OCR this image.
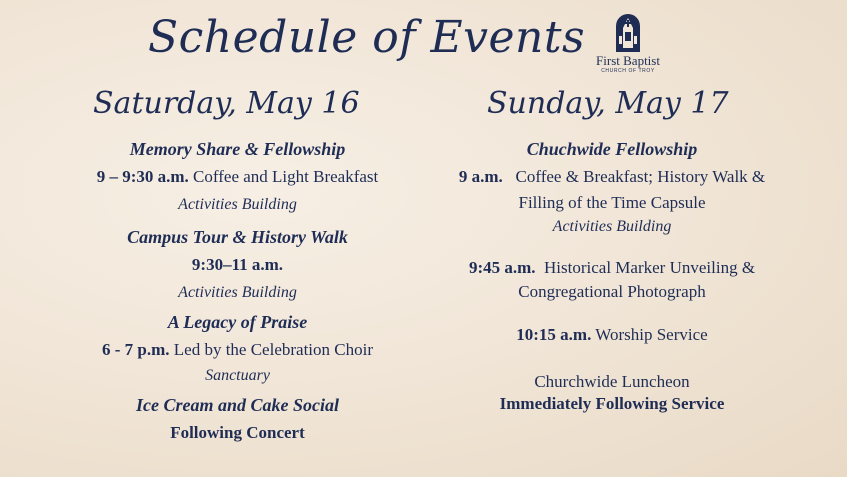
Schedule of Events First Baptist
CHURCH OF TROY
Saturday, May 16	Sunday, May 17
Memory Share & Fellowship
9 – 9:30 a.m. Coffee and Light Breakfast
Activities Building
Campus Tour & History Walk
9:30–11 a.m.
Activities Building
A Legacy of Praise
6 - 7 p.m. Led by the Celebration Choir
Sanctuary
Ice Cream and Cake Social
Following Concert
Chuchwide Fellowship
9 a.m. Coffee & Breakfast; History Walk & Filling of the Time Capsule
Activities Building
9:45 a.m. Historical Marker Unveiling & Congregational Photograph
10:15 a.m. Worship Service
Churchwide Luncheon
Immediately Following Service
